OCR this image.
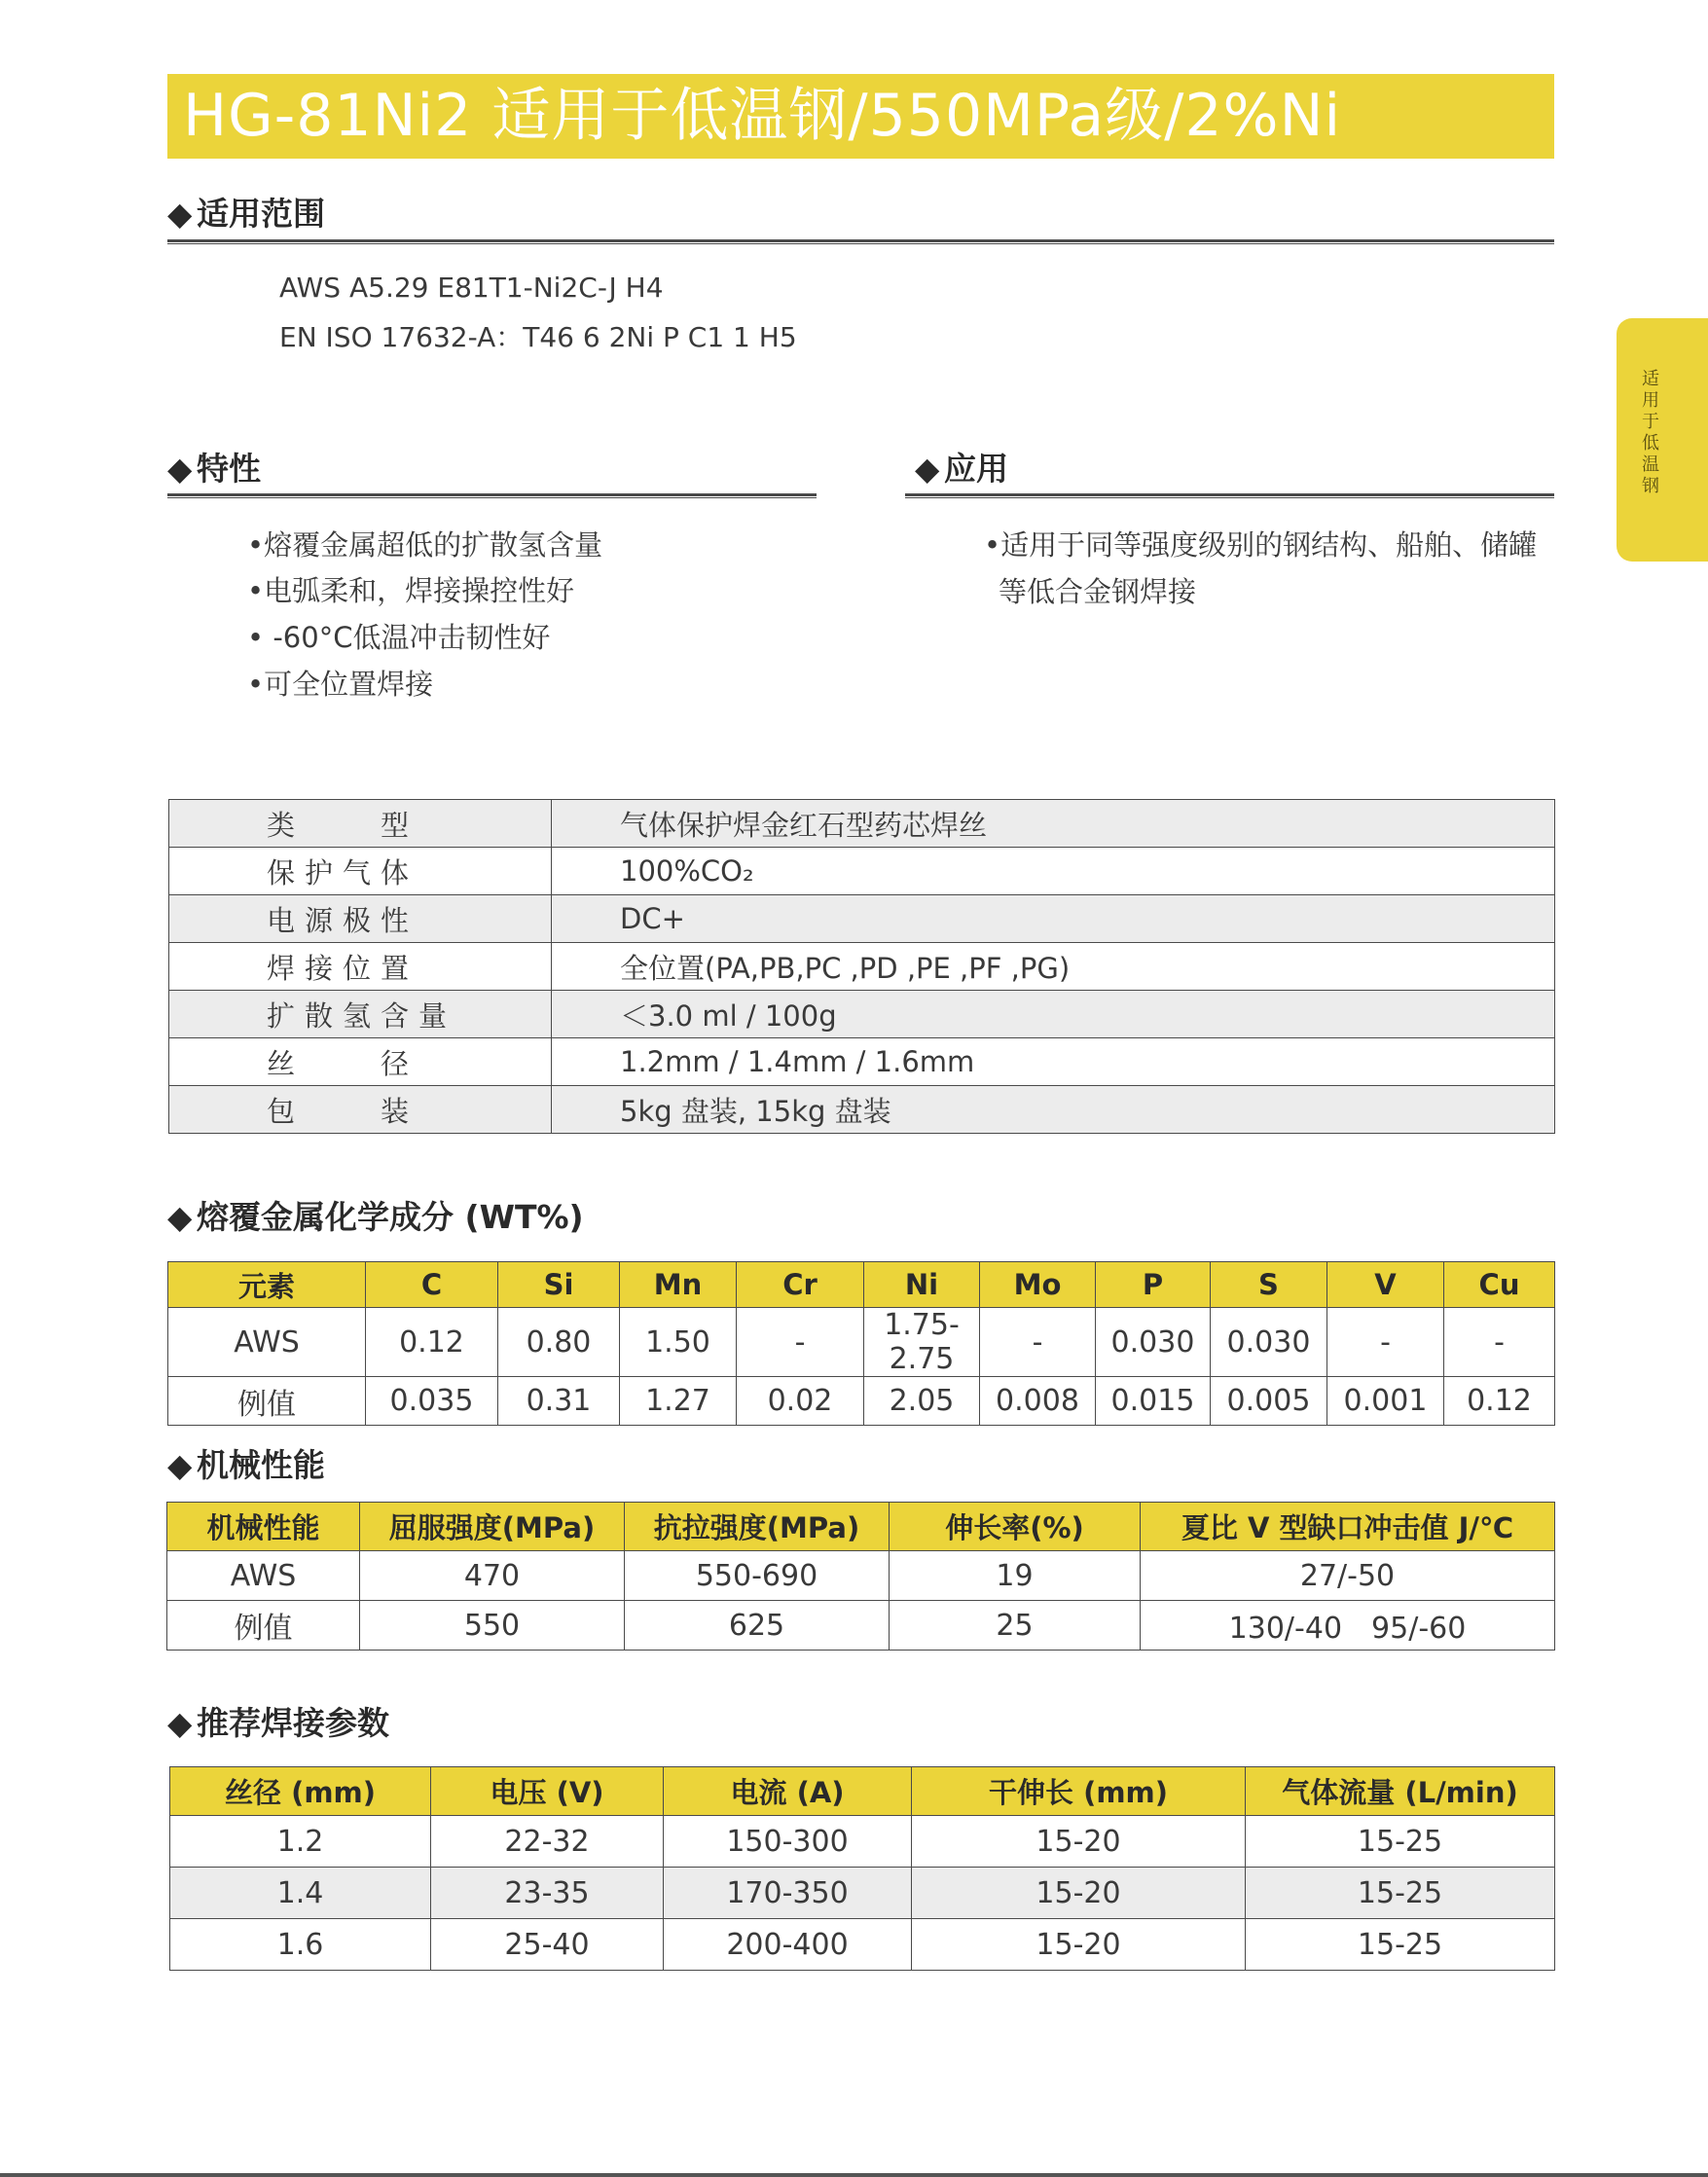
HG-81Ni2 适用于低温钢/550MPa级/2%Ni
适用于低温钢
◆ 适用范围
AWS A5.29 E81T1-Ni2C-J H4
EN ISO 17632-A：T46 6 2Ni P C1 1 H5
◆ 特性
•熔覆金属超低的扩散氢含量
•电弧柔和，焊接操控性好
• -60°C低温冲击韧性好
•可全位置焊接
◆ 应用
•适用于同等强度级别的钢结构、船舶、储罐
等低合金钢焊接
类　　型	气体保护焊金红石型药芯焊丝
保护气体	100%CO₂
电源极性	DC+
焊接位置	全位置(PA,PB,PC ,PD ,PE ,PF ,PG)
扩散氢含量	＜3.0 ml / 100g
丝　　径	1.2mm / 1.4mm / 1.6mm
包　　装	5kg 盘装, 15kg 盘装
◆ 熔覆金属化学成分 (WT%)
元素	C	Si	Mn	Cr	Ni	Mo	P	S	V	Cu
AWS	0.12	0.80	1.50	-	1.75-2.75	-	0.030	0.030	-	-
例值	0.035	0.31	1.27	0.02	2.05	0.008	0.015	0.005	0.001	0.12
◆ 机械性能
机械性能	屈服强度(MPa)	抗拉强度(MPa)	伸长率(%)	夏比 V 型缺口冲击值 J/℃
AWS	470	550-690	19	27/-50
例值	550	625	25	130/-40　95/-60
◆ 推荐焊接参数
丝径 (mm)	电压 (V)	电流 (A)	干伸长 (mm)	气体流量 (L/min)
1.2	22-32	150-300	15-20	15-25
1.4	23-35	170-350	15-20	15-25
1.6	25-40	200-400	15-20	15-25
